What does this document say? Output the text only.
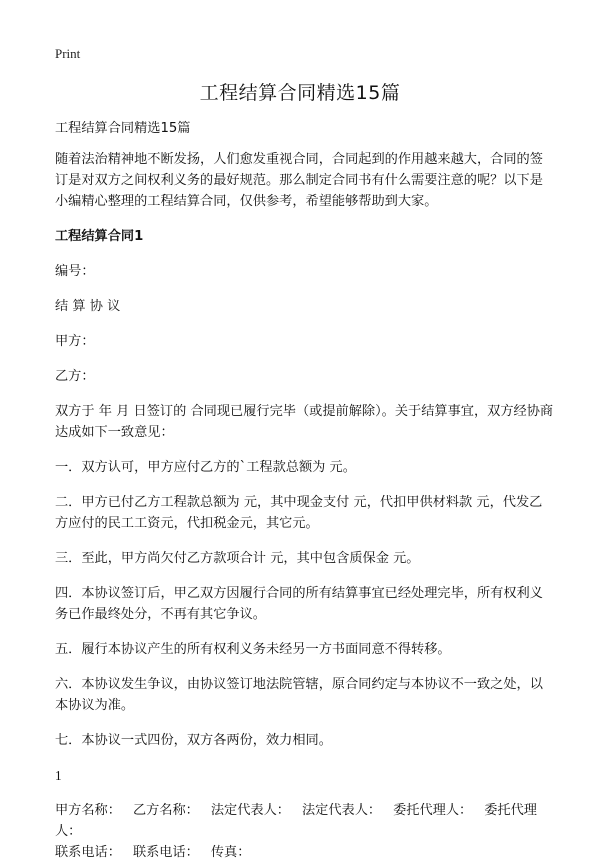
Print
工程结算合同精选15篇

工程结算合同精选15篇

随着法治精神地不断发扬，人们愈发重视合同，合同起到的作用越来越大，合同的签订是对双方之间权利义务的最好规范。那么制定合同书有什么需要注意的呢？以下是小编精心整理的工程结算合同，仅供参考，希望能够帮助到大家。

工程结算合同1

编号：

结 算 协 议

甲方：

乙方：

双方于 年 月 日签订的 合同现已履行完毕（或提前解除）。关于结算事宜，双方经协商达成如下一致意见：

一．双方认可，甲方应付乙方的`工程款总额为 元。

二．甲方已付乙方工程款总额为 元，其中现金支付 元，代扣甲供材料款 元，代发乙方应付的民工工资元，代扣税金元，其它元。

三．至此，甲方尚欠付乙方款项合计 元，其中包含质保金 元。

四．本协议签订后，甲乙双方因履行合同的所有结算事宜已经处理完毕，所有权利义务已作最终处分，不再有其它争议。

五．履行本协议产生的所有权利义务未经另一方书面同意不得转移。

六．本协议发生争议，由协议签订地法院管辖，原合同约定与本协议不一致之处，以本协议为准。

七．本协议一式四份，双方各两份，效力相同。

1

甲方名称： 乙方名称： 法定代表人： 法定代表人： 委托代理人： 委托代理人：
联系电话： 联系电话： 传真：
